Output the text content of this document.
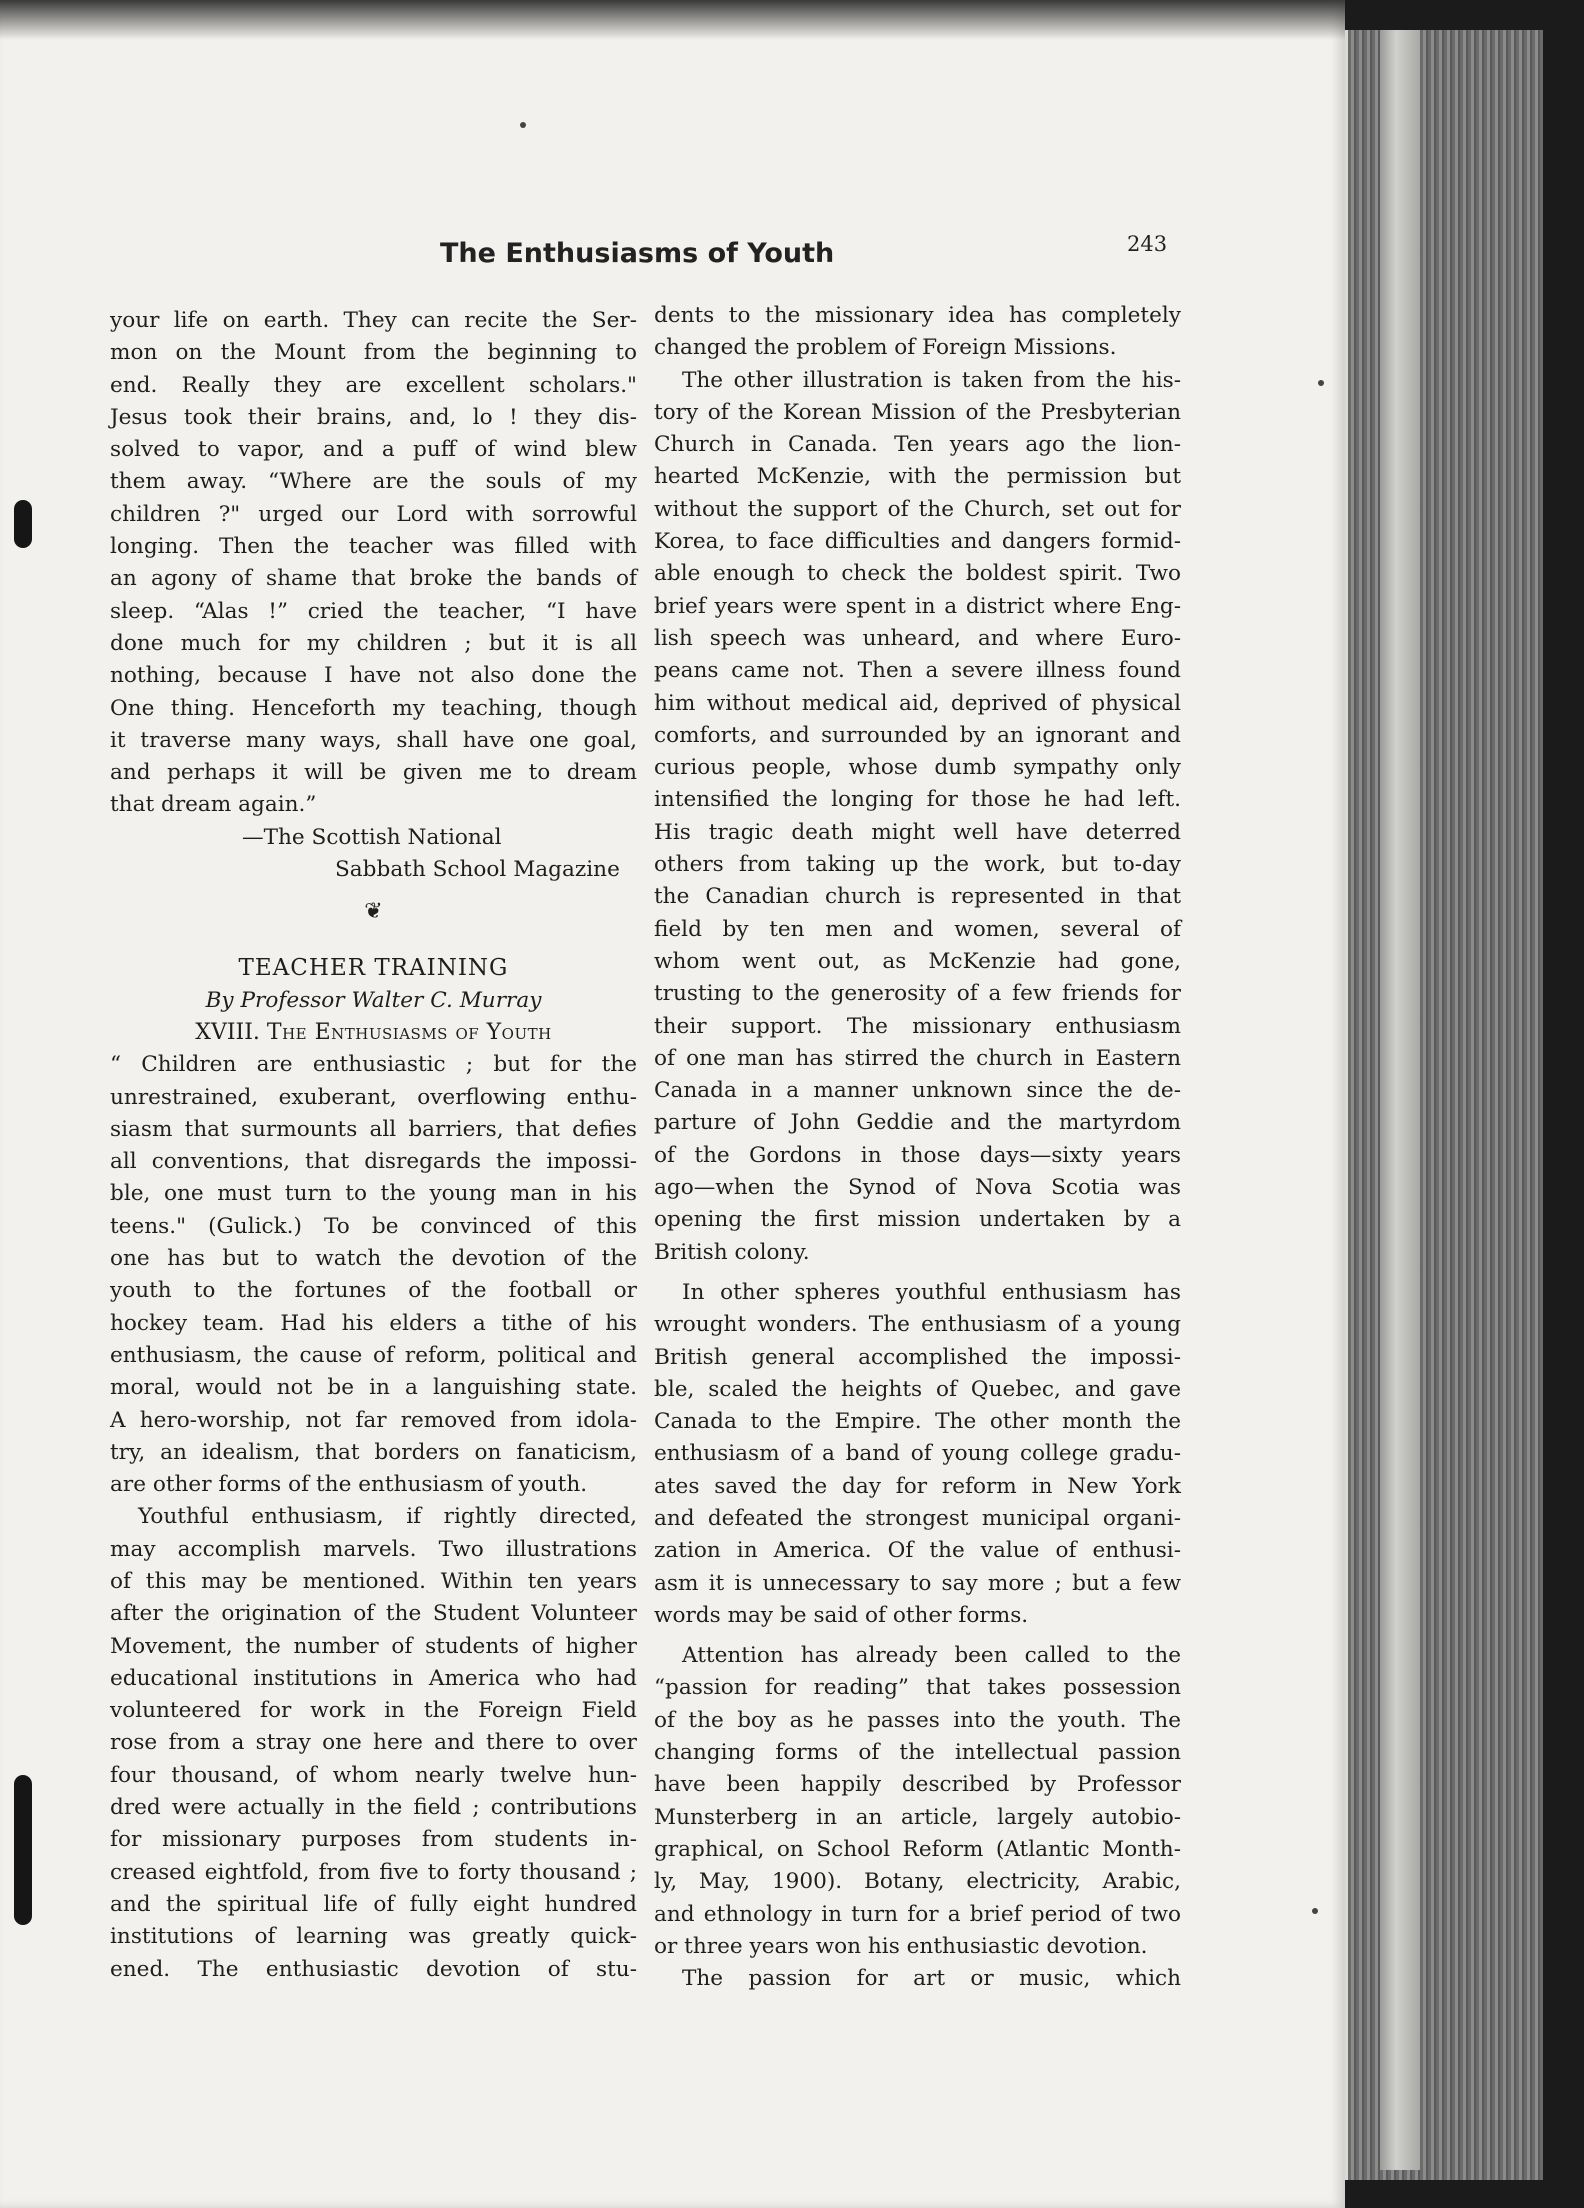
The Enthusiasms of Youth	243
your life on earth. They can recite the Ser-
mon on the Mount from the beginning to
end. Really they are excellent scholars."
Jesus took their brains, and, lo ! they dis-
solved to vapor, and a puff of wind blew
them away. “Where are the souls of my
children ?" urged our Lord with sorrowful
longing. Then the teacher was filled with
an agony of shame that broke the bands of
sleep. “Alas !” cried the teacher, “I have
done much for my children ; but it is all
nothing, because I have not also done the
One thing. Henceforth my teaching, though
it traverse many ways, shall have one goal,
and perhaps it will be given me to dream
that dream again.”
—The Scottish National
Sabbath School Magazine
❦
TEACHER TRAINING
By Professor Walter C. Murray
XVIII. The Enthusiasms of Youth
“ Children are enthusiastic ; but for the
unrestrained, exuberant, overflowing enthu-
siasm that surmounts all barriers, that defies
all conventions, that disregards the impossi-
ble, one must turn to the young man in his
teens." (Gulick.) To be convinced of this
one has but to watch the devotion of the
youth to the fortunes of the football or
hockey team. Had his elders a tithe of his
enthusiasm, the cause of reform, political and
moral, would not be in a languishing state.
A hero-worship, not far removed from idola-
try, an idealism, that borders on fanaticism,
are other forms of the enthusiasm of youth.
Youthful enthusiasm, if rightly directed,
may accomplish marvels. Two illustrations
of this may be mentioned. Within ten years
after the origination of the Student Volunteer
Movement, the number of students of higher
educational institutions in America who had
volunteered for work in the Foreign Field
rose from a stray one here and there to over
four thousand, of whom nearly twelve hun-
dred were actually in the field ; contributions
for missionary purposes from students in-
creased eightfold, from five to forty thousand ;
and the spiritual life of fully eight hundred
institutions of learning was greatly quick-
ened. The enthusiastic devotion of stu-
dents to the missionary idea has completely
changed the problem of Foreign Missions.
The other illustration is taken from the his-
tory of the Korean Mission of the Presbyterian
Church in Canada. Ten years ago the lion-
hearted McKenzie, with the permission but
without the support of the Church, set out for
Korea, to face difficulties and dangers formid-
able enough to check the boldest spirit. Two
brief years were spent in a district where Eng-
lish speech was unheard, and where Euro-
peans came not. Then a severe illness found
him without medical aid, deprived of physical
comforts, and surrounded by an ignorant and
curious people, whose dumb sympathy only
intensified the longing for those he had left.
His tragic death might well have deterred
others from taking up the work, but to-day
the Canadian church is represented in that
field by ten men and women, several of
whom went out, as McKenzie had gone,
trusting to the generosity of a few friends for
their support. The missionary enthusiasm
of one man has stirred the church in Eastern
Canada in a manner unknown since the de-
parture of John Geddie and the martyrdom
of the Gordons in those days—sixty years
ago—when the Synod of Nova Scotia was
opening the first mission undertaken by a
British colony.
In other spheres youthful enthusiasm has
wrought wonders. The enthusiasm of a young
British general accomplished the impossi-
ble, scaled the heights of Quebec, and gave
Canada to the Empire. The other month the
enthusiasm of a band of young college gradu-
ates saved the day for reform in New York
and defeated the strongest municipal organi-
zation in America. Of the value of enthusi-
asm it is unnecessary to say more ; but a few
words may be said of other forms.
Attention has already been called to the
“passion for reading” that takes possession
of the boy as he passes into the youth. The
changing forms of the intellectual passion
have been happily described by Professor
Munsterberg in an article, largely autobio-
graphical, on School Reform (Atlantic Month-
ly, May, 1900). Botany, electricity, Arabic,
and ethnology in turn for a brief period of two
or three years won his enthusiastic devotion.
The passion for art or music, which
